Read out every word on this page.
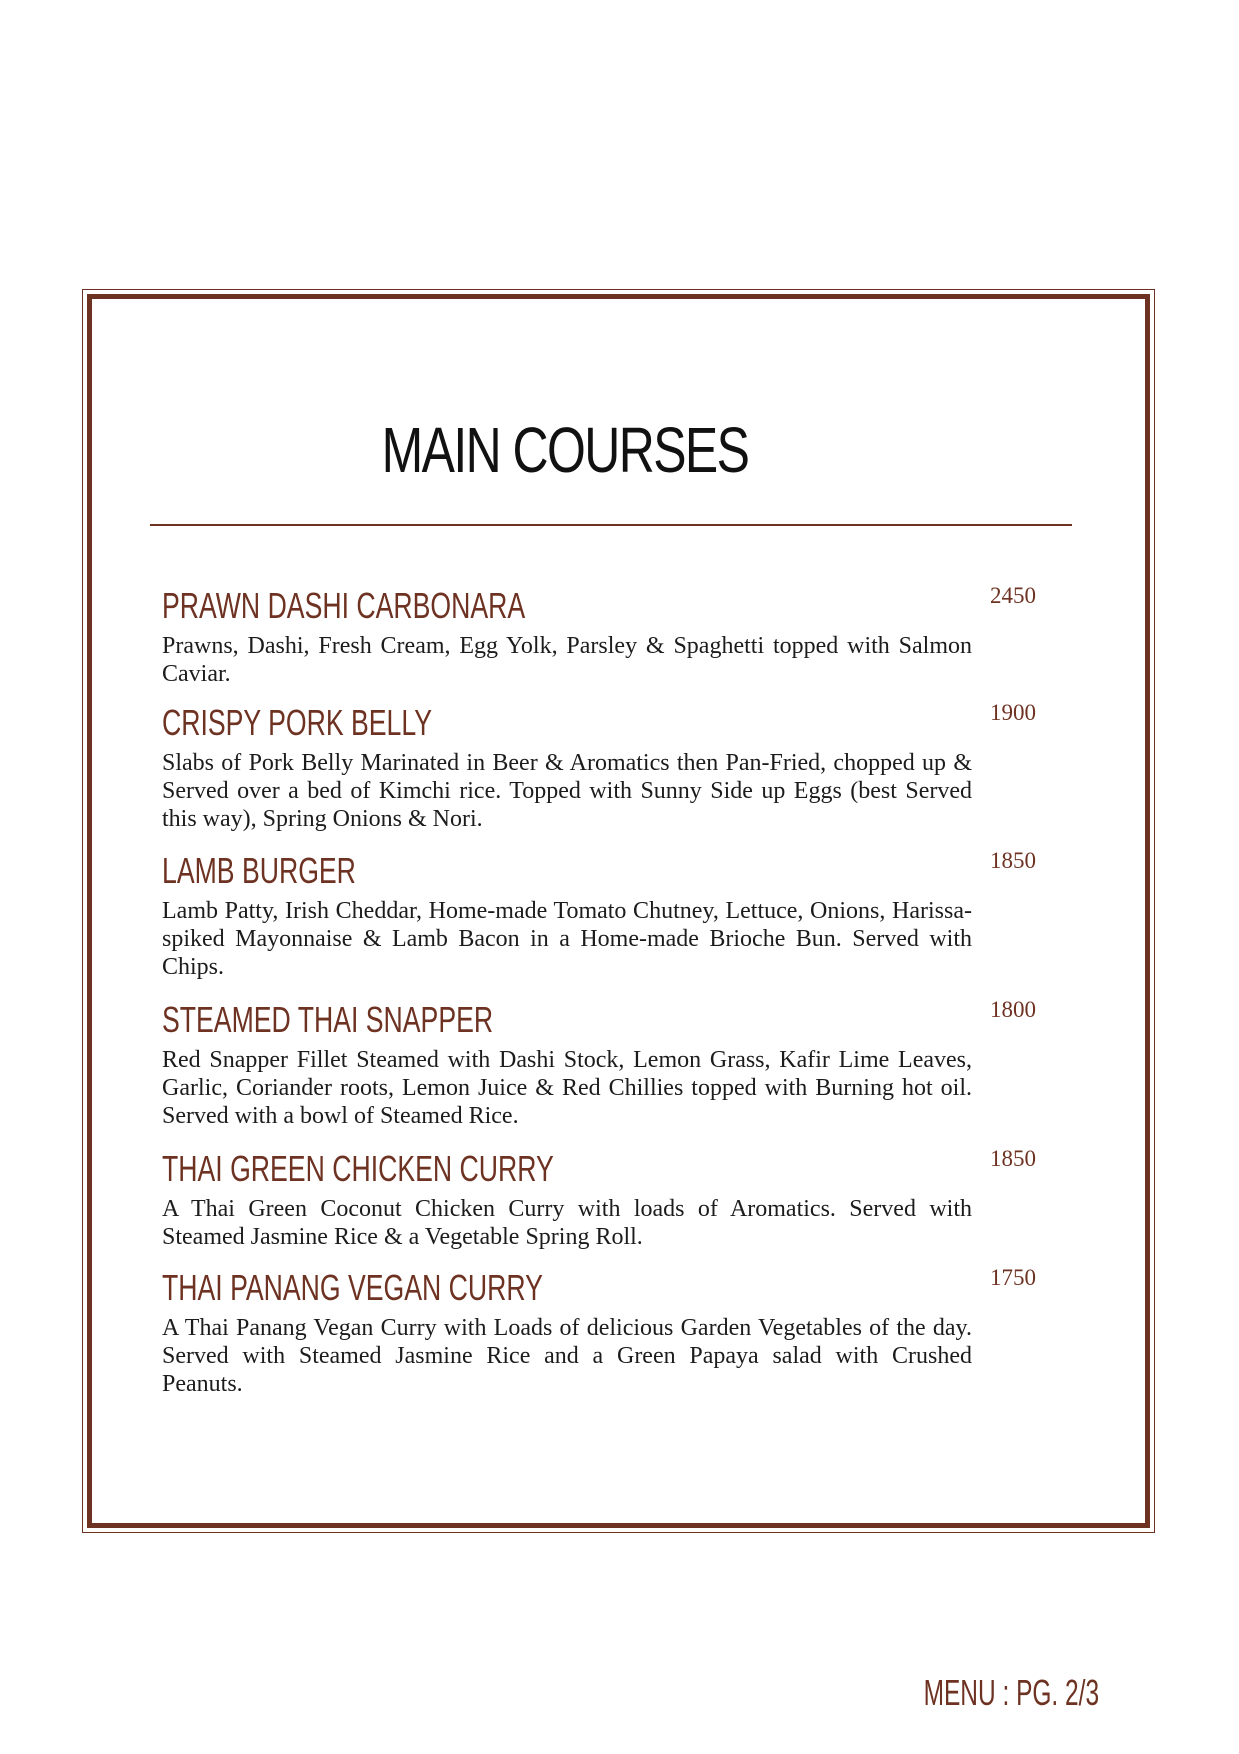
MAIN COURSES
PRAWN DASHI CARBONARA

Prawns, Dashi, Fresh Cream, Egg Yolk, Parsley & Spaghetti topped with Salmon Caviar.

2450
CRISPY PORK BELLY

Slabs of Pork Belly Marinated in Beer & Aromatics then Pan-Fried, chopped up & Served over a bed of Kimchi rice. Topped with Sunny Side up Eggs (best Served this way), Spring Onions & Nori.

1900
LAMB BURGER

Lamb Patty, Irish Cheddar, Home-made Tomato Chutney, Lettuce, Onions, Harissa-spiked Mayonnaise & Lamb Bacon in a Home-made Brioche Bun. Served with Chips.

1850
STEAMED THAI SNAPPER

Red Snapper Fillet Steamed with Dashi Stock, Lemon Grass, Kafir Lime Leaves, Garlic, Coriander roots, Lemon Juice & Red Chillies topped with Burning hot oil. Served with a bowl of Steamed Rice.

1800
THAI GREEN CHICKEN CURRY

A Thai Green Coconut Chicken Curry with loads of Aromatics. Served with Steamed Jasmine Rice & a Vegetable Spring Roll.

1850
THAI PANANG VEGAN CURRY

A Thai Panang Vegan Curry with Loads of delicious Garden Vegetables of the day. Served with Steamed Jasmine Rice and a Green Papaya salad with Crushed Peanuts.

1750
MENU : PG. 2/3
